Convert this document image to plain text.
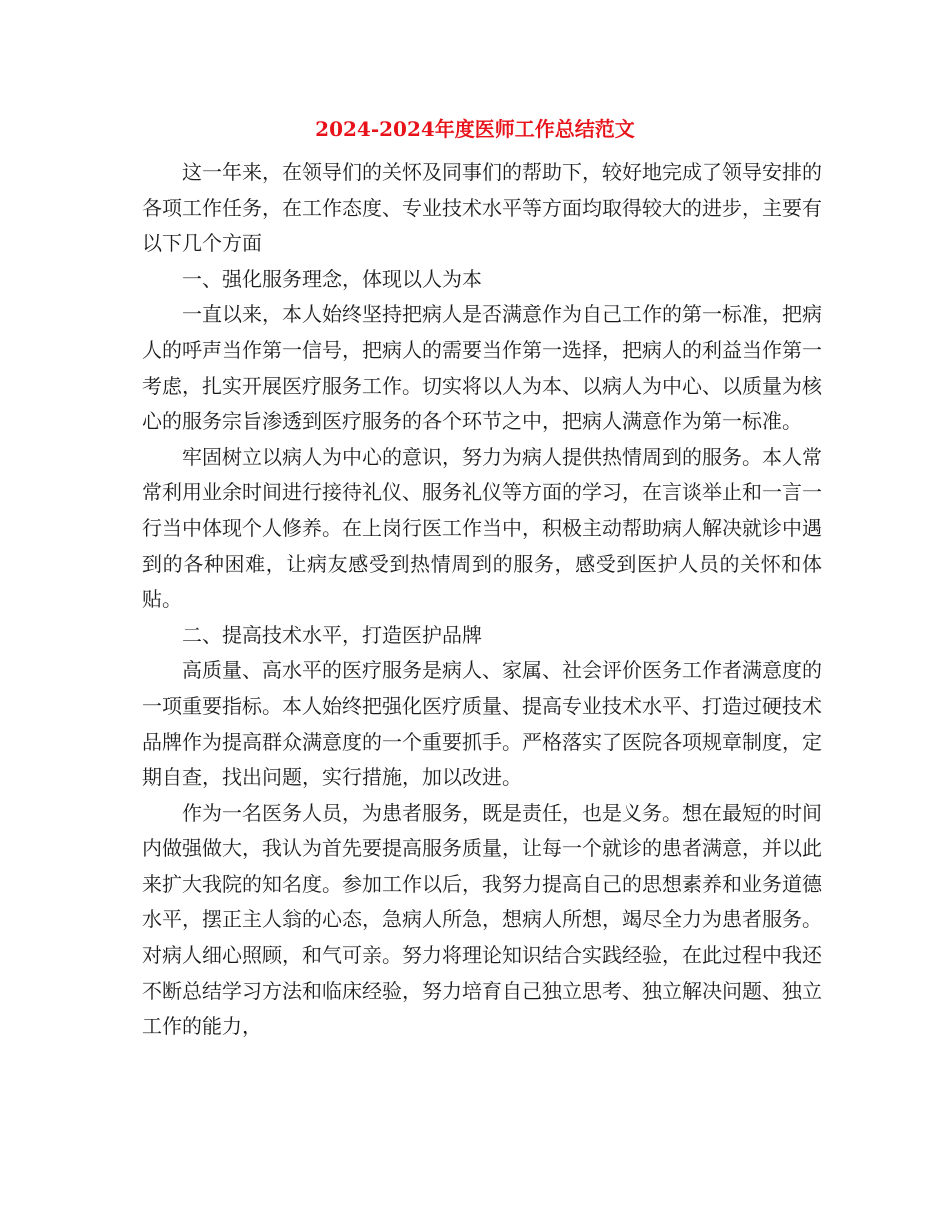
2024-2024年度医师工作总结范文

这一年来，在领导们的关怀及同事们的帮助下，较好地完成了领导安排的各项工作任务，在工作态度、专业技术水平等方面均取得较大的进步，主要有以下几个方面

一、强化服务理念，体现以人为本

一直以来，本人始终坚持把病人是否满意作为自己工作的第一标准，把病人的呼声当作第一信号，把病人的需要当作第一选择，把病人的利益当作第一考虑，扎实开展医疗服务工作。切实将以人为本、以病人为中心、以质量为核心的服务宗旨渗透到医疗服务的各个环节之中，把病人满意作为第一标准。

牢固树立以病人为中心的意识，努力为病人提供热情周到的服务。本人常常利用业余时间进行接待礼仪、服务礼仪等方面的学习，在言谈举止和一言一行当中体现个人修养。在上岗行医工作当中，积极主动帮助病人解决就诊中遇到的各种困难，让病友感受到热情周到的服务，感受到医护人员的关怀和体贴。

二、提高技术水平，打造医护品牌

高质量、高水平的医疗服务是病人、家属、社会评价医务工作者满意度的一项重要指标。本人始终把强化医疗质量、提高专业技术水平、打造过硬技术品牌作为提高群众满意度的一个重要抓手。严格落实了医院各项规章制度，定期自查，找出问题，实行措施，加以改进。

作为一名医务人员，为患者服务，既是责任，也是义务。想在最短的时间内做强做大，我认为首先要提高服务质量，让每一个就诊的患者满意，并以此来扩大我院的知名度。参加工作以后，我努力提高自己的思想素养和业务道德水平，摆正主人翁的心态，急病人所急，想病人所想，竭尽全力为患者服务。对病人细心照顾，和气可亲。努力将理论知识结合实践经验，在此过程中我还不断总结学习方法和临床经验，努力培育自己独立思考、独立解决问题、独立工作的能力，
